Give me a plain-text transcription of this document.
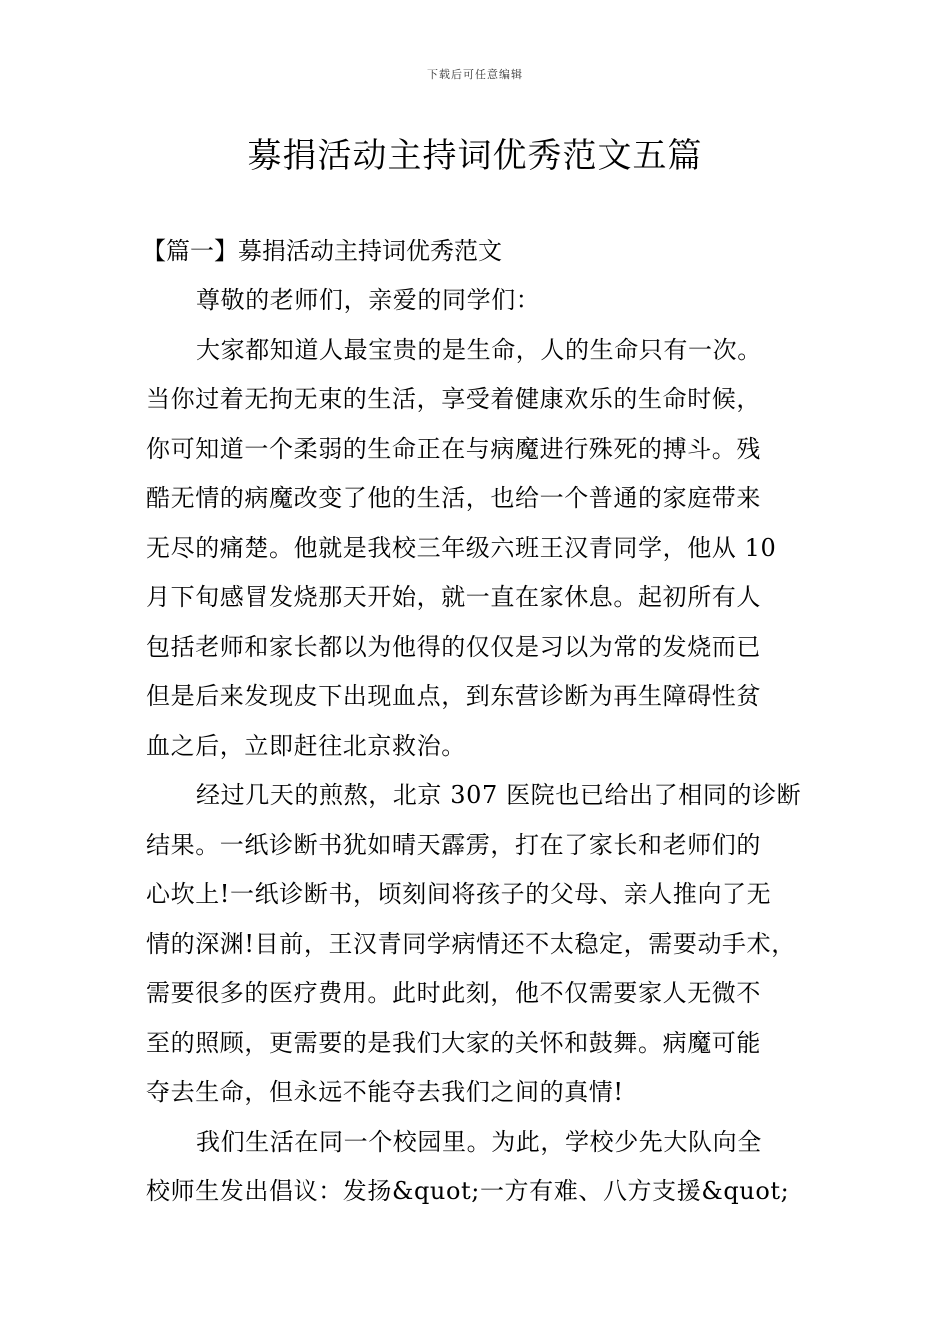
下载后可任意编辑
募捐活动主持词优秀范文五篇
【篇一】募捐活动主持词优秀范文
尊敬的老师们，亲爱的同学们：
大家都知道人最宝贵的是生命，人的生命只有一次。
当你过着无拘无束的生活，享受着健康欢乐的生命时候，
你可知道一个柔弱的生命正在与病魔进行殊死的搏斗。残
酷无情的病魔改变了他的生活，也给一个普通的家庭带来
无尽的痛楚。他就是我校三年级六班王汉青同学，他从 10
月下旬感冒发烧那天开始，就一直在家休息。起初所有人
包括老师和家长都以为他得的仅仅是习以为常的发烧而已
但是后来发现皮下出现血点，到东营诊断为再生障碍性贫
血之后，立即赶往北京救治。
经过几天的煎熬，北京 307 医院也已给出了相同的诊断
结果。一纸诊断书犹如晴天霹雳，打在了家长和老师们的
心坎上!一纸诊断书，顷刻间将孩子的父母、亲人推向了无
情的深渊!目前，王汉青同学病情还不太稳定，需要动手术，
需要很多的医疗费用。此时此刻，他不仅需要家人无微不
至的照顾，更需要的是我们大家的关怀和鼓舞。病魔可能
夺去生命，但永远不能夺去我们之间的真情!
我们生活在同一个校园里。为此，学校少先大队向全
校师生发出倡议：发扬&quot;一方有难、八方支援&quot;
